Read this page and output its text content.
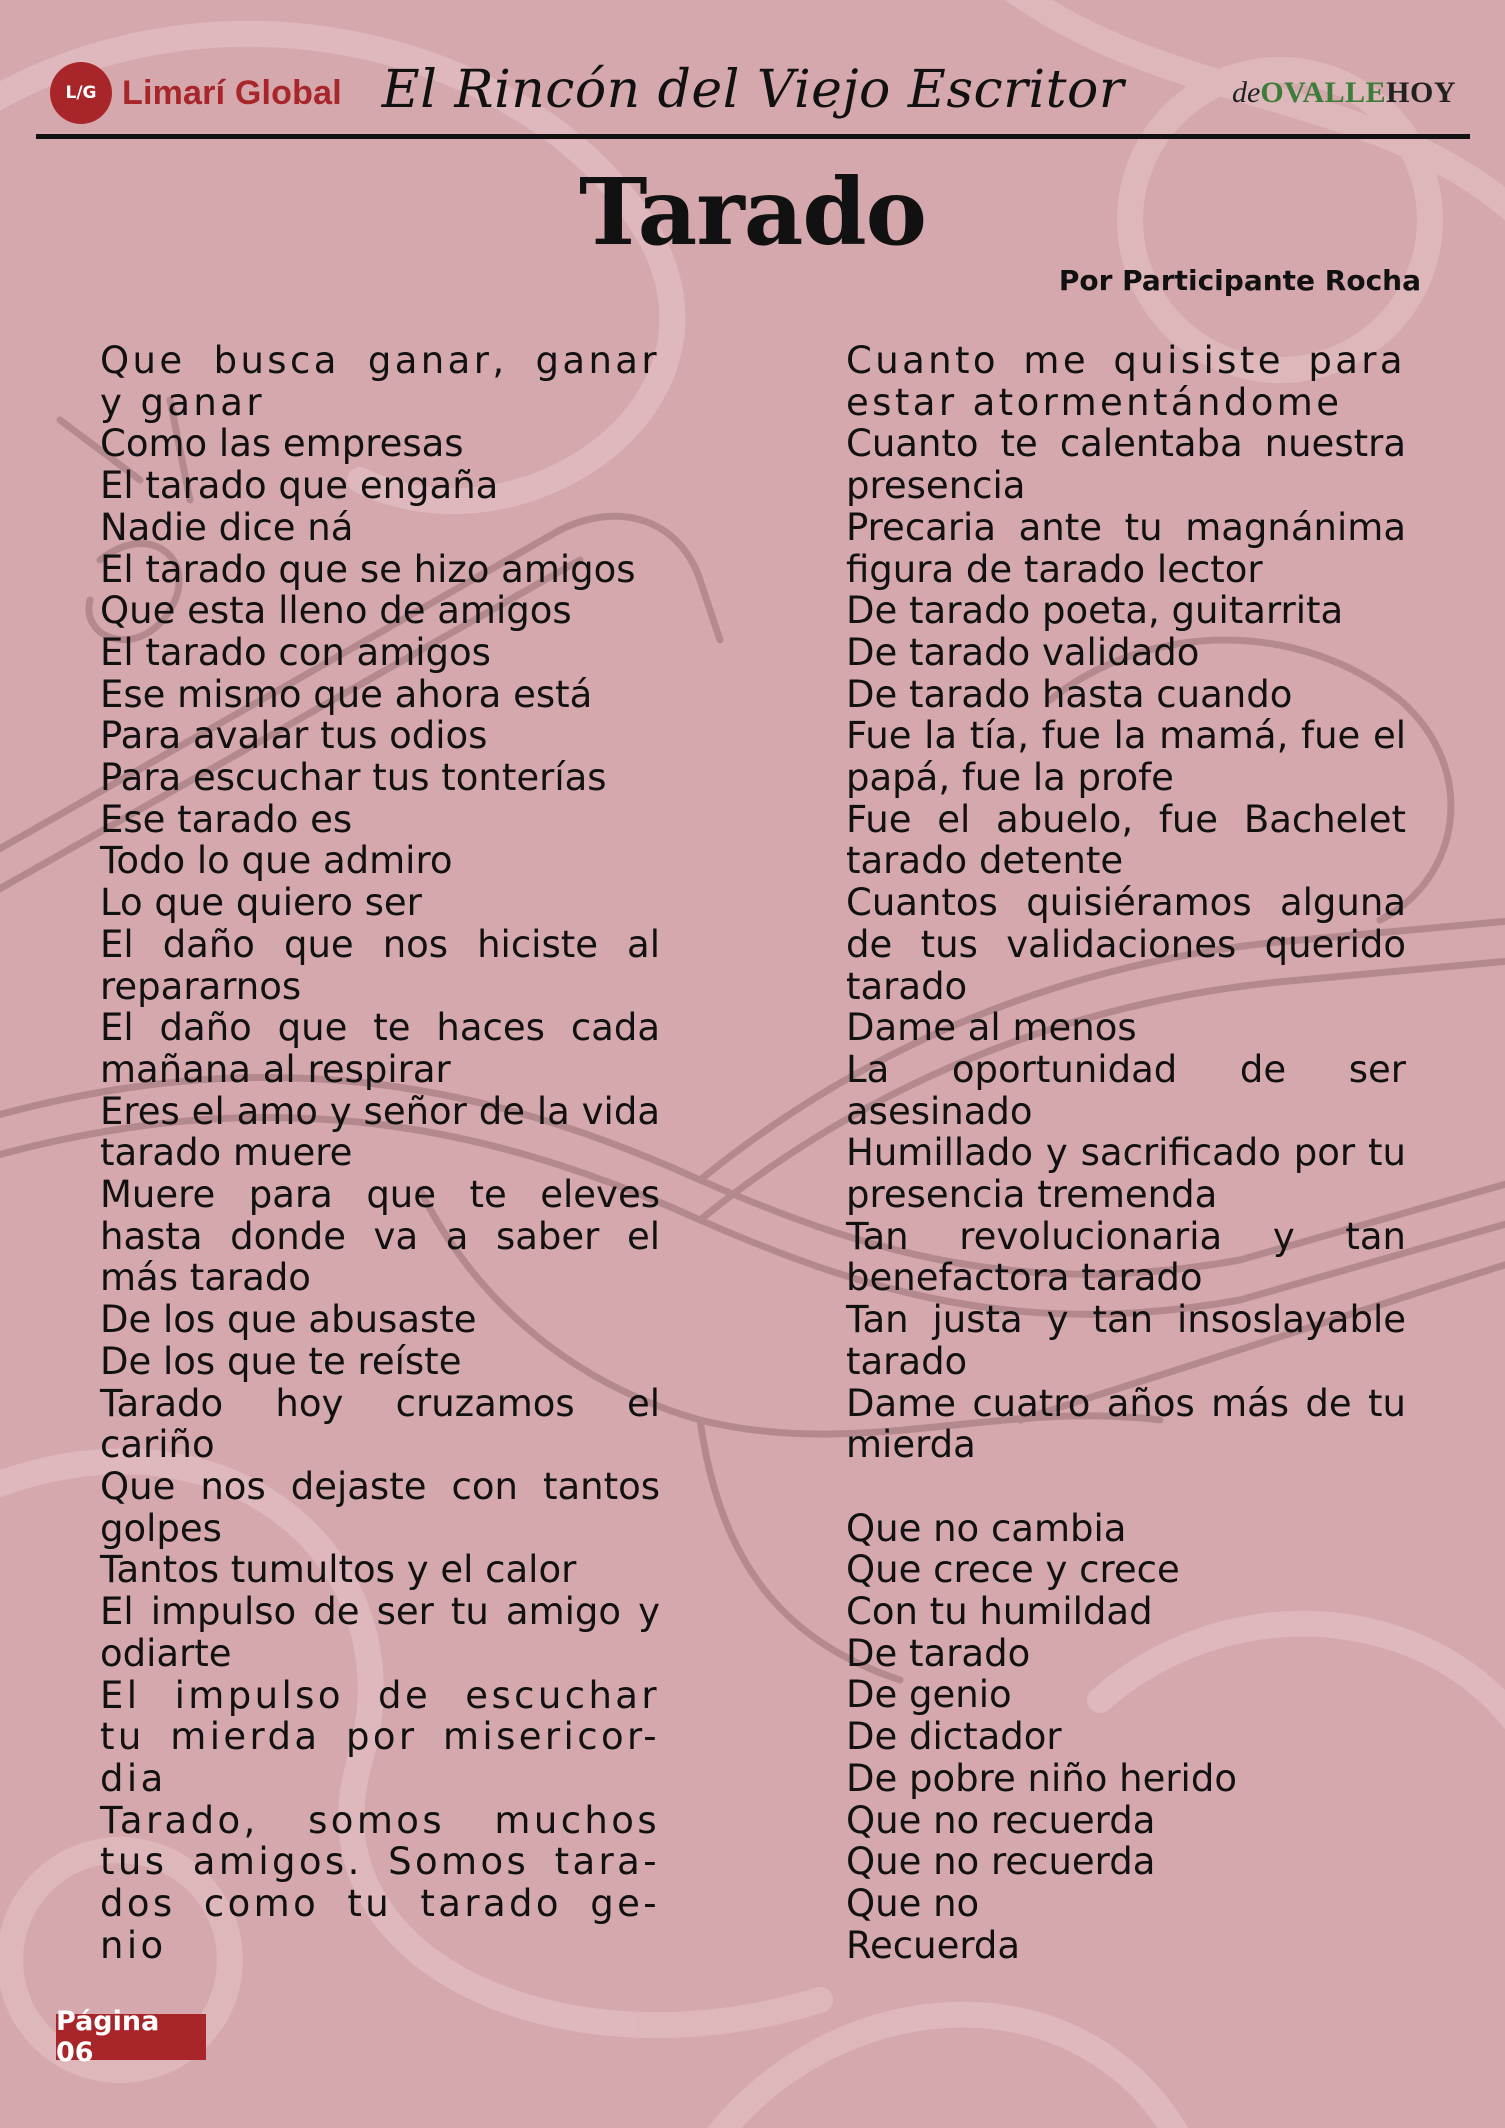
L/G Limarí Global El Rincón del Viejo Escritor	de OVALLE HOY
Tarado
Por Participante Rocha
Que busca ganar, ganar y ganar
Como las empresas
El tarado que engaña
Nadie dice ná
El tarado que se hizo amigos
Que esta lleno de amigos
El tarado con amigos
Ese mismo que ahora está
Para avalar tus odios
Para escuchar tus tonterías
Ese tarado es
Todo lo que admiro
Lo que quiero ser
El daño que nos hiciste al repararnos
El daño que te haces cada mañana al respirar
Eres el amo y señor de la vida tarado muere
Muere para que te eleves hasta donde va a saber el más tarado
De los que abusaste
De los que te reíste
Tarado hoy cruzamos el cariño
Que nos dejaste con tantos golpes
Tantos tumultos y el calor
El impulso de ser tu amigo y odiarte
El impulso de escuchar tu mierda por misericor-dia
Tarado, somos muchos tus amigos. Somos tara-dos como tu tarado ge-nio
Cuanto me quisiste para estar atormentándome
Cuanto te calentaba nuestra presencia
Precaria ante tu magnánima figura de tarado lector
De tarado poeta, guitarrita
De tarado validado
De tarado hasta cuando
Fue la tía, fue la mamá, fue el papá, fue la profe
Fue el abuelo, fue Bachelet tarado detente
Cuantos quisiéramos alguna de tus validaciones querido tarado
Dame al menos
La oportunidad de ser asesinado
Humillado y sacrificado por tu presencia tremenda
Tan revolucionaria y tan benefactora tarado
Tan justa y tan insoslayable tarado
Dame cuatro años más de tu mierda
Que no cambia
Que crece y crece
Con tu humildad
De tarado
De genio
De dictador
De pobre niño herido
Que no recuerda
Que no recuerda
Que no
Recuerda
Página 06
